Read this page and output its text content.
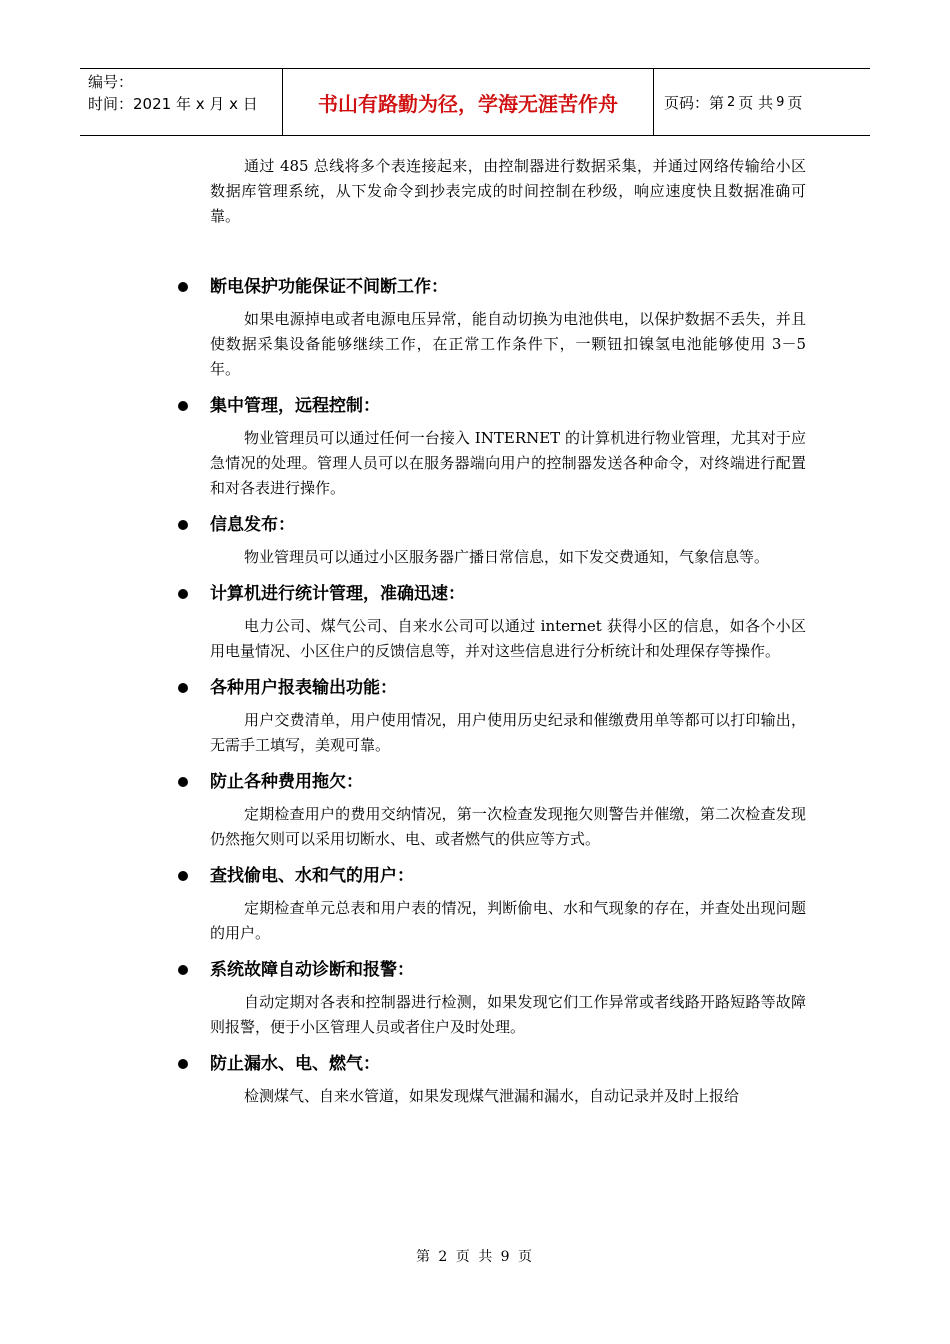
编号：
时间：2021 年 x 月 x 日	书山有路勤为径，学海无涯苦作舟	页码：第 2 页 共 9 页

通过 485 总线将多个表连接起来，由控制器进行数据采集，并通过网络传输给小区数据库管理系统，从下发命令到抄表完成的时间控制在秒级，响应速度快且数据准确可靠。

断电保护功能保证不间断工作：

如果电源掉电或者电源电压异常，能自动切换为电池供电，以保护数据不丢失，并且使数据采集设备能够继续工作，在正常工作条件下，一颗钮扣镍氢电池能够使用 3－5 年。

集中管理，远程控制：

物业管理员可以通过任何一台接入 INTERNET 的计算机进行物业管理，尤其对于应急情况的处理。管理人员可以在服务器端向用户的控制器发送各种命令，对终端进行配置和对各表进行操作。

信息发布：

物业管理员可以通过小区服务器广播日常信息，如下发交费通知，气象信息等。

计算机进行统计管理，准确迅速：

电力公司、煤气公司、自来水公司可以通过 internet 获得小区的信息，如各个小区用电量情况、小区住户的反馈信息等，并对这些信息进行分析统计和处理保存等操作。

各种用户报表输出功能：

用户交费清单，用户使用情况，用户使用历史纪录和催缴费用单等都可以打印输出，无需手工填写，美观可靠。

防止各种费用拖欠：

定期检查用户的费用交纳情况，第一次检查发现拖欠则警告并催缴，第二次检查发现仍然拖欠则可以采用切断水、电、或者燃气的供应等方式。

查找偷电、水和气的用户：

定期检查单元总表和用户表的情况，判断偷电、水和气现象的存在，并查处出现问题的用户。

系统故障自动诊断和报警：

自动定期对各表和控制器进行检测，如果发现它们工作异常或者线路开路短路等故障则报警，便于小区管理人员或者住户及时处理。

防止漏水、电、燃气：

检测煤气、自来水管道，如果发现煤气泄漏和漏水，自动记录并及时上报给

第 2 页 共 9 页
